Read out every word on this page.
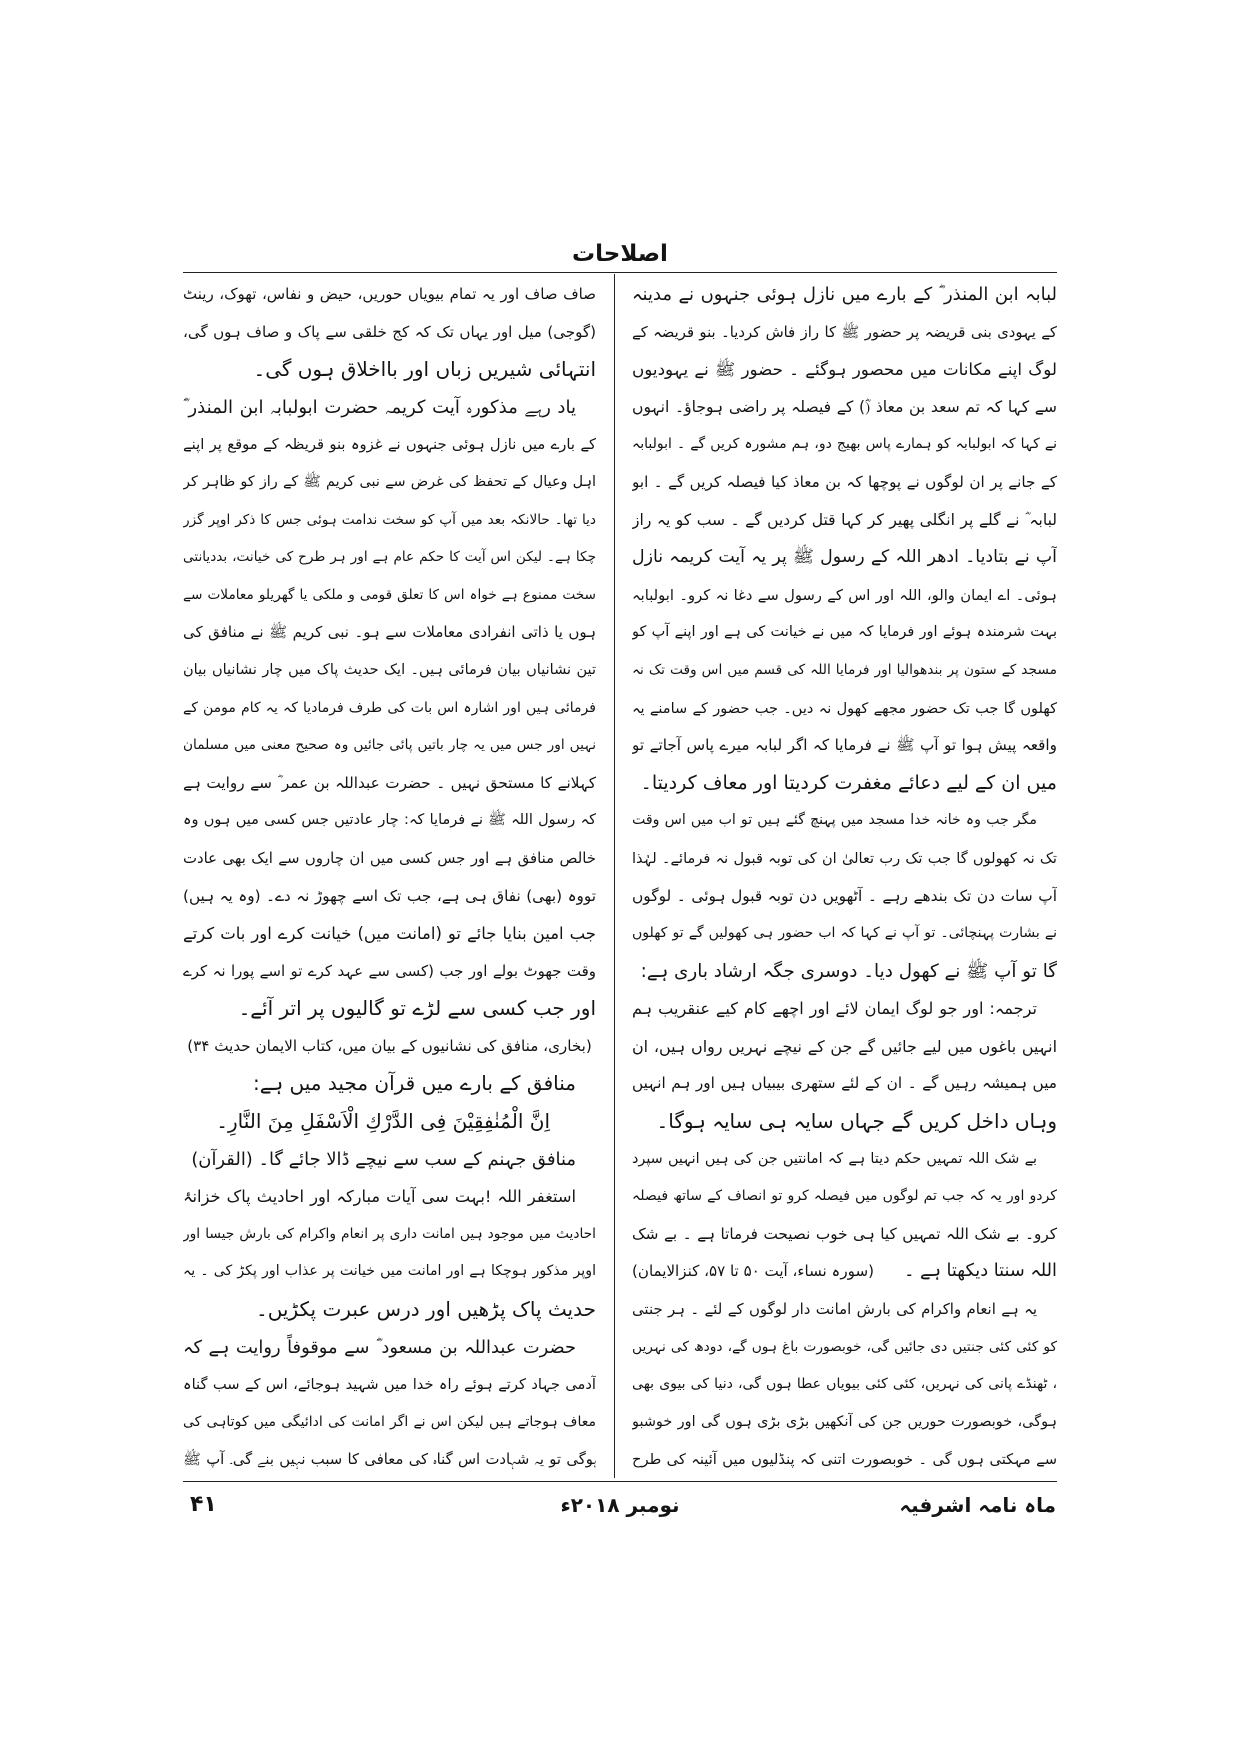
اصلاحات
لبابہ ابن المنذر ؓ کے بارے میں نازل ہوئی جنہوں نے مدینہ
کے یہودی بنی قریضہ پر حضور ﷺ کا راز فاش کردیا۔ بنو قریضہ کے
لوگ اپنے مکانات میں محصور ہوگئے ۔ حضور ﷺ نے یہودیوں
سے کہا کہ تم سعد بن معاذ (ؓ) کے فیصلہ پر راضی ہوجاؤ۔ انہوں
نے کہا کہ ابولبابہ کو ہمارے پاس بھیج دو، ہم مشورہ کریں گے ۔ ابولبابہ
کے جانے پر ان لوگوں نے پوچھا کہ بن معاذ کیا فیصلہ کریں گے ۔ ابو
لبابہ ؓ نے گلے پر انگلی پھیر کر کہا قتل کردیں گے ۔ سب کو یہ راز
آپ نے بتادیا۔ ادھر اللہ کے رسول ﷺ پر یہ آیت کریمہ نازل
ہوئی۔ اے ایمان والو، اللہ اور اس کے رسول سے دغا نہ کرو۔ ابولبابہ
بہت شرمندہ ہوئے اور فرمایا کہ میں نے خیانت کی ہے اور اپنے آپ کو
مسجد کے ستون پر بندھوالیا اور فرمایا اللہ کی قسم میں اس وقت تک نہ
کھلوں گا جب تک حضور مجھے کھول نہ دیں۔ جب حضور کے سامنے یہ
واقعہ پیش ہوا تو آپ ﷺ نے فرمایا کہ اگر لبابہ میرے پاس آجاتے تو
میں ان کے لیے دعائے مغفرت کردیتا اور معاف کردیتا۔
مگر جب وہ خانہ خدا مسجد میں پہنچ گئے ہیں تو اب میں اس وقت
تک نہ کھولوں گا جب تک رب تعالیٰ ان کی توبہ قبول نہ فرمائے۔ لہٰذا
آپ سات دن تک بندھے رہے ۔ آٹھویں دن توبہ قبول ہوئی ۔ لوگوں
نے بشارت پہنچائی۔ تو آپ نے کہا کہ اب حضور ہی کھولیں گے تو کھلوں
گا تو آپ ﷺ نے کھول دیا۔ دوسری جگہ ارشاد باری ہے:
ترجمہ: اور جو لوگ ایمان لائے اور اچھے کام کیے عنقریب ہم
انہیں باغوں میں لیے جائیں گے جن کے نیچے نہریں رواں ہیں، ان
میں ہمیشہ رہیں گے ۔ ان کے لئے ستھری بیبیاں ہیں اور ہم انہیں
وہاں داخل کریں گے جہاں سایہ ہی سایہ ہوگا۔
بے شک اللہ تمہیں حکم دیتا ہے کہ امانتیں جن کی ہیں انہیں سپرد
کردو اور یہ کہ جب تم لوگوں میں فیصلہ کرو تو انصاف کے ساتھ فیصلہ
کرو۔ بے شک اللہ تمہیں کیا ہی خوب نصیحت فرماتا ہے ۔ بے شک
اللہ سنتا دیکھتا ہے ۔
(سورہ نساء، آیت ۵۰ تا ۵۷، کنزالایمان)
یہ ہے انعام واکرام کی بارش امانت دار لوگوں کے لئے ۔ ہر جنتی
کو کئی کئی جنتیں دی جائیں گی، خوبصورت باغ ہوں گے، دودھ کی نہریں
، ٹھنڈے پانی کی نہریں، کئی کئی بیویاں عطا ہوں گی، دنیا کی بیوی بھی
ہوگی، خوبصورت حوریں جن کی آنکھیں بڑی بڑی ہوں گی اور خوشبو
سے مہکتی ہوں گی ۔ خوبصورت اتنی کہ پنڈلیوں میں آئینہ کی طرح
صاف صاف اور یہ تمام بیویاں حوریں، حیض و نفاس، تھوک، رینٹ
(گوجی) میل اور یہاں تک کہ کج خلقی سے پاک و صاف ہوں گی،
انتہائی شیریں زباں اور بااخلاق ہوں گی۔
یاد رہے مذکورہ آیت کریمہ حضرت ابولبابہ ابن المنذر ؓ
کے بارے میں نازل ہوئی جنہوں نے غزوہ بنو قریظہ کے موقع پر اپنے
اہل وعیال کے تحفظ کی غرض سے نبی کریم ﷺ کے راز کو ظاہر کر
دیا تھا۔ حالانکہ بعد میں آپ کو سخت ندامت ہوئی جس کا ذکر اوپر گزر
چکا ہے۔ لیکن اس آیت کا حکم عام ہے اور ہر طرح کی خیانت، بددیانتی
سخت ممنوع ہے خواہ اس کا تعلق قومی و ملکی یا گھریلو معاملات سے
ہوں یا ذاتی انفرادی معاملات سے ہو۔ نبی کریم ﷺ نے منافق کی
تین نشانیاں بیان فرمائی ہیں۔ ایک حدیث پاک میں چار نشانیاں بیان
فرمائی ہیں اور اشارہ اس بات کی طرف فرمادیا کہ یہ کام مومن کے
نہیں اور جس میں یہ چار باتیں پائی جائیں وہ صحیح معنی میں مسلمان
کہلانے کا مستحق نہیں ۔ حضرت عبداللہ بن عمر ؓ سے روایت ہے
کہ رسول اللہ ﷺ نے فرمایا کہ: چار عادتیں جس کسی میں ہوں وہ
خالص منافق ہے اور جس کسی میں ان چاروں سے ایک بھی عادت
تووہ (بھی) نفاق ہی ہے، جب تک اسے چھوڑ نہ دے۔ (وہ یہ ہیں)
جب امین بنایا جائے تو (امانت میں) خیانت کرے اور بات کرتے
وقت جھوٹ بولے اور جب (کسی سے عہد کرے تو اسے پورا نہ کرے
اور جب کسی سے لڑے تو گالیوں پر اتر آئے۔
(بخاری، منافق کی نشانیوں کے بیان میں، کتاب الایمان حدیث ۳۴)
منافق کے بارے میں قرآن مجید میں ہے:
اِنَّ الْمُنٰفِقِیْنَ فِی الدَّرْكِ الْاَسْفَلِ مِنَ النَّارِ۔
منافق جہنم کے سب سے نیچے ڈالا جائے گا۔ (القرآن)
استغفر اللہ !بہت سی آیات مبارکہ اور احادیث پاک خزانۂ
احادیث میں موجود ہیں امانت داری پر انعام واکرام کی بارش جیسا اور
اوپر مذکور ہوچکا ہے اور امانت میں خیانت پر عذاب اور پکڑ کی ۔ یہ
حدیث پاک پڑھیں اور درس عبرت پکڑیں۔
حضرت عبداللہ بن مسعود ؓ سے موقوفاً روایت ہے کہ
آدمی جہاد کرتے ہوئے راہ خدا میں شہید ہوجائے، اس کے سب گناہ
معاف ہوجاتے ہیں لیکن اس نے اگر امانت کی ادائیگی میں کوتاہی کی
ہوگی تو یہ شہادت اس گناہ کی معافی کا سبب نہیں بنے گی۔ آپ ﷺ
ماہ نامہ اشرفیہ
نومبر ۲۰۱۸ء
۴۱
